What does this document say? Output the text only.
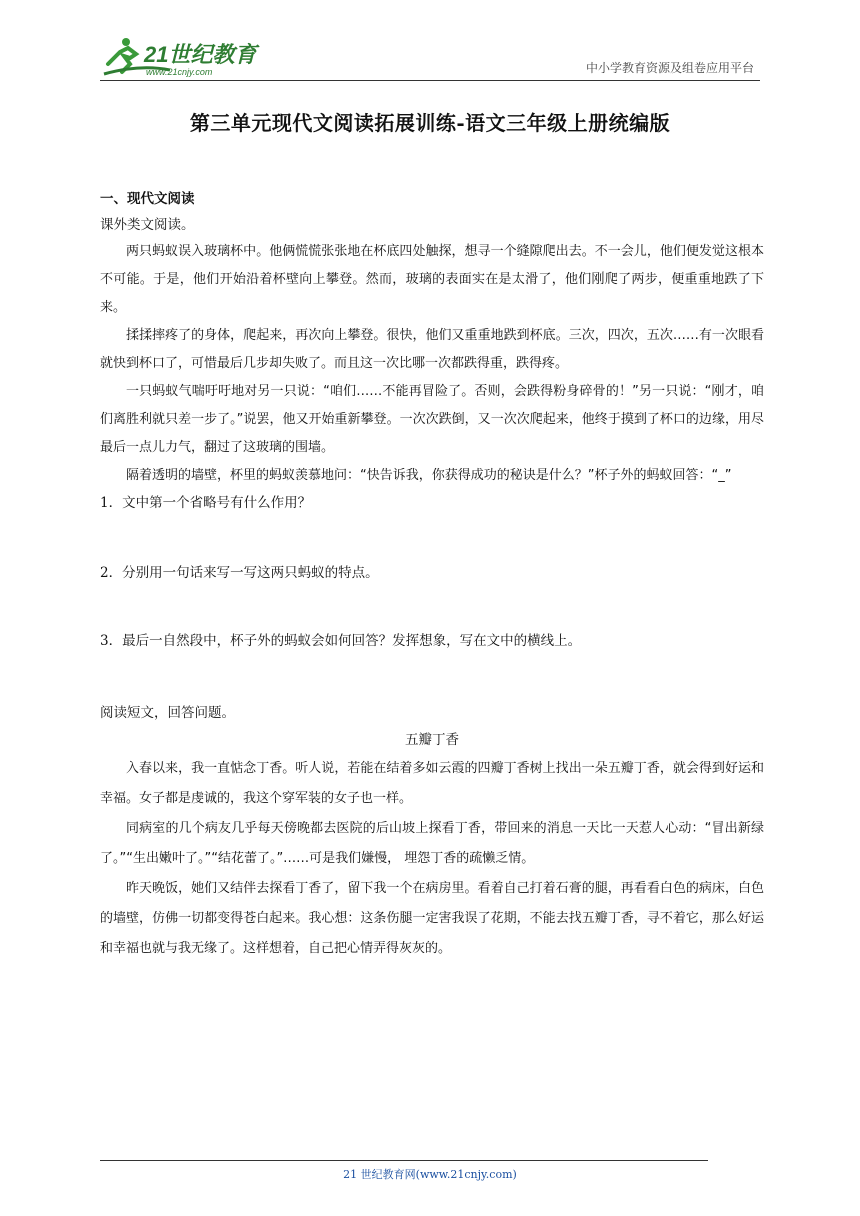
21世纪教育
www.21cnjy.com	中小学教育资源及组卷应用平台
第三单元现代文阅读拓展训练-语文三年级上册统编版
一、现代文阅读
课外类文阅读。

两只蚂蚁误入玻璃杯中。他俩慌慌张张地在杯底四处触探，想寻一个缝隙爬出去。不一会儿，他们便发觉这根本不可能。于是，他们开始沿着杯壁向上攀登。然而，玻璃的表面实在是太滑了，他们刚爬了两步，便重重地跌了下来。

揉揉摔疼了的身体，爬起来，再次向上攀登。很快，他们又重重地跌到杯底。三次，四次，五次……有一次眼看就快到杯口了，可惜最后几步却失败了。而且这一次比哪一次都跌得重，跌得疼。

一只蚂蚁气喘吁吁地对另一只说：“咱们……不能再冒险了。否则，会跌得粉身碎骨的！”另一只说：“刚才，咱们离胜利就只差一步了。”说罢，他又开始重新攀登。一次次跌倒，又一次次爬起来，他终于摸到了杯口的边缘，用尽最后一点儿力气，翻过了这玻璃的围墙。

隔着透明的墙壁，杯里的蚂蚁羡慕地问：“快告诉我，你获得成功的秘诀是什么？”杯子外的蚂蚁回答：“_”

1．文中第一个省略号有什么作用？
2．分别用一句话来写一写这两只蚂蚁的特点。
3．最后一自然段中，杯子外的蚂蚁会如何回答？发挥想象，写在文中的横线上。
阅读短文，回答问题。
五瓣丁香

入春以来，我一直惦念丁香。听人说，若能在结着多如云霞的四瓣丁香树上找出一朵五瓣丁香，就会得到好运和幸福。女子都是虔诚的，我这个穿军装的女子也一样。

同病室的几个病友几乎每天傍晚都去医院的后山坡上探看丁香，带回来的消息一天比一天惹人心动：“冒出新绿了。”“生出嫩叶了。”“结花蕾了。”……可是我们嫌慢， 埋怨丁香的疏懒乏情。

昨天晚饭，她们又结伴去探看丁香了，留下我一个在病房里。看着自己打着石膏的腿，再看看白色的病床，白色的墙壁，仿佛一切都变得苍白起来。我心想：这条伤腿一定害我误了花期，不能去找五瓣丁香，寻不着它，那么好运和幸福也就与我无缘了。这样想着，自己把心情弄得灰灰的。

21 世纪教育网(www.21cnjy.com)
